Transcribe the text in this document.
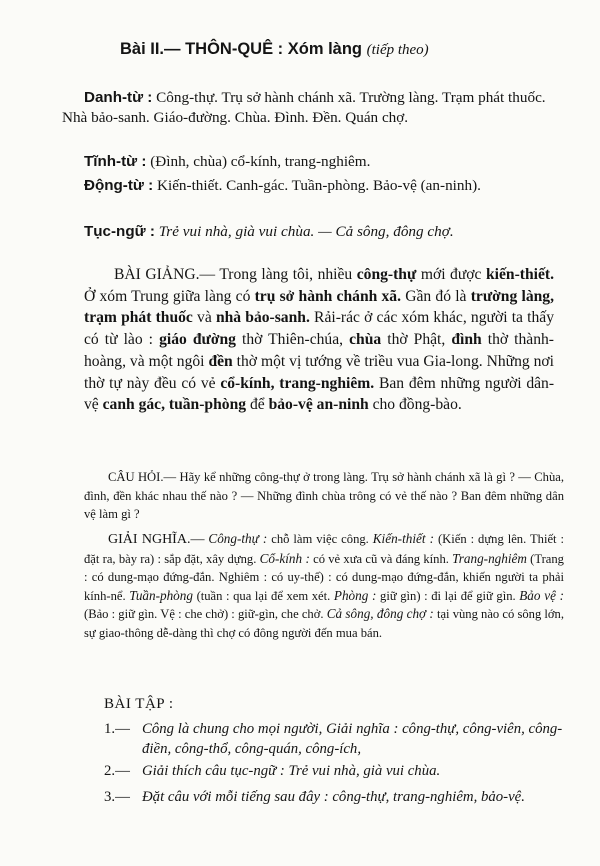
Bài II.— THÔN-QUÊ : Xóm làng (tiếp theo)
Danh-từ : Công-thự. Trụ sở hành chánh xã. Trường làng. Trạm phát thuốc. Nhà bảo-sanh. Giáo-đường. Chùa. Đình. Đền. Quán chợ.
Tĩnh-từ : (Đình, chùa) cổ-kính, trang-nghiêm.
Động-từ : Kiến-thiết. Canh-gác. Tuần-phòng. Bảo-vệ (an-ninh).
Tục-ngữ : Trẻ vui nhà, già vui chùa. — Cả sông, đông chợ.
BÀI GIẢNG.— Trong làng tôi, nhiều công-thự mới được kiến-thiết. Ở xóm Trung giữa làng có trụ sở hành chánh xã. Gần đó là trường làng, trạm phát thuốc và nhà bảo-sanh. Rải-rác ở các xóm khác, người ta thấy có từ lào : giáo đường thờ Thiên-chúa, chùa thờ Phật, đình thờ thành-hoàng, và một ngôi đền thờ một vị tướng về triều vua Gia-long. Những nơi thờ tự này đều có vẻ cổ-kính, trang-nghiêm. Ban đêm những người dân-vệ canh gác, tuần-phòng để bảo-vệ an-ninh cho đồng-bào.
CÂU HỎI.— Hãy kể những công-thự ở trong làng. Trụ sở hành chánh xã là gì ? — Chùa, đình, đền khác nhau thế nào ? — Những đình chùa trông có vẻ thế nào ? Ban đêm những dân vệ làm gì ?
GIẢI NGHĨA.— Công-thự : chỗ làm việc công. Kiến-thiết : (Kiến : dựng lên. Thiết : đặt ra, bày ra) : sắp đặt, xây dựng. Cổ-kính : có vẻ xưa cũ và đáng kính. Trang-nghiêm (Trang : có dung-mạo đứng-đắn. Nghiêm : có uy-thế) : có dung-mạo đứng-đắn, khiến người ta phải kính-nể. Tuần-phòng (tuần : qua lại để xem xét. Phòng : giữ gìn) : đi lại để giữ gìn. Bảo vệ : (Bảo : giữ gìn. Vệ : che chở) : giữ-gìn, che chở. Cả sông, đông chợ : tại vùng nào có sông lớn, sự giao-thông dễ-dàng thì chợ có đông người đến mua bán.
BÀI TẬP :
1.— Công là chung cho mọi người, Giải nghĩa : công-thự, công-viên, công-điền, công-thổ, công-quán, công-ích,
2.— Giải thích câu tục-ngữ : Trẻ vui nhà, già vui chùa.
3.— Đặt câu với mỗi tiếng sau đây : công-thự, trang-nghiêm, bảo-vệ.
